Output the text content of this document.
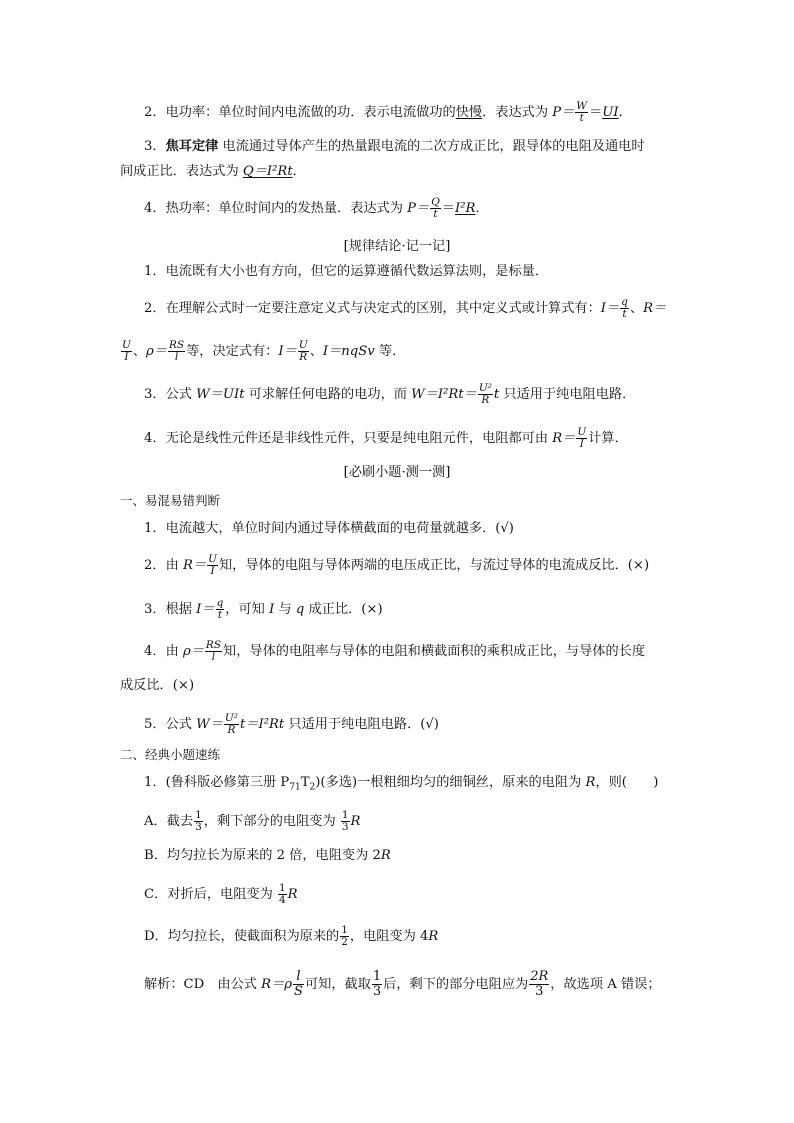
2．电功率：单位时间内电流做的功．表示电流做功的快慢．表达式为 $P= \frac{W}{t} =UI$．
3．焦耳定律 电流通过导体产生的热量跟电流的二次方成正比，跟导体的电阻及通电时
间成正比．表达式为 Q＝I²Rt．
4．热功率：单位时间内的发热量．表达式为 $P= \frac{Q}{t} =I^2R$．
[规律结论·记一记]
1．电流既有大小也有方向，但它的运算遵循代数运算法则，是标量．
2．在理解公式时一定要注意定义式与决定式的区别，其中定义式或计算式有：$I= \frac{q}{t}$ 、R＝
$\frac{U}{I}$ 、$\rho= \frac{RS}{l}$ 等，决定式有：$I= \frac{U}{R}$ 、I＝nqSv 等．
3．公式 W＝UIt 可求解任何电路的电功，而 $W=I^2Rt= \frac{\text{U²}}{R}$ t 只适用于纯电阻电路．
4．无论是线性元件还是非线性元件，只要是纯电阻元件，电阻都可由 $R= \frac{U}{I}$ 计算．
[必刷小题·测一测]
一、易混易错判断
1．电流越大，单位时间内通过导体横截面的电荷量就越多．(√)
2．由 $R= \frac{U}{I}$ 知，导体的电阻与导体两端的电压成正比，与流过导体的电流成反比．(×)
3．根据 $I= \frac{q}{t}$ ，可知 I 与 q 成正比．(×)
4．由 $\rho= \frac{RS}{l}$ 知，导体的电阻率与导体的电阻和横截面积的乘积成正比，与导体的长度
成反比．(×)
5．公式 $W= \frac{\text{U²}}{R} t=I^2Rt$ 只适用于纯电阻电路．(√)
二、经典小题速练
1．(鲁科版必修第三册 $P_{71}T_2$)(多选)一根粗细均匀的细铜丝，原来的电阻为 R，则(　　)
A．截去 $\frac{1}{3}$ ，剩下部分的电阻变为 $\frac{1}{3}$ R
B．均匀拉长为原来的 2 倍，电阻变为 2R
C．对折后，电阻变为 $\frac{1}{4}$ R
D．均匀拉长，使截面积为原来的 $\frac{1}{2}$ ，电阻变为 4R
解析：CD　由公式 $R=\rho \frac{l}{S}$ 可知，截取 $\frac{1}{3}$ 后，剩下的部分电阻应为 $\frac{2R}{3}$ ，故选项 A 错误；
